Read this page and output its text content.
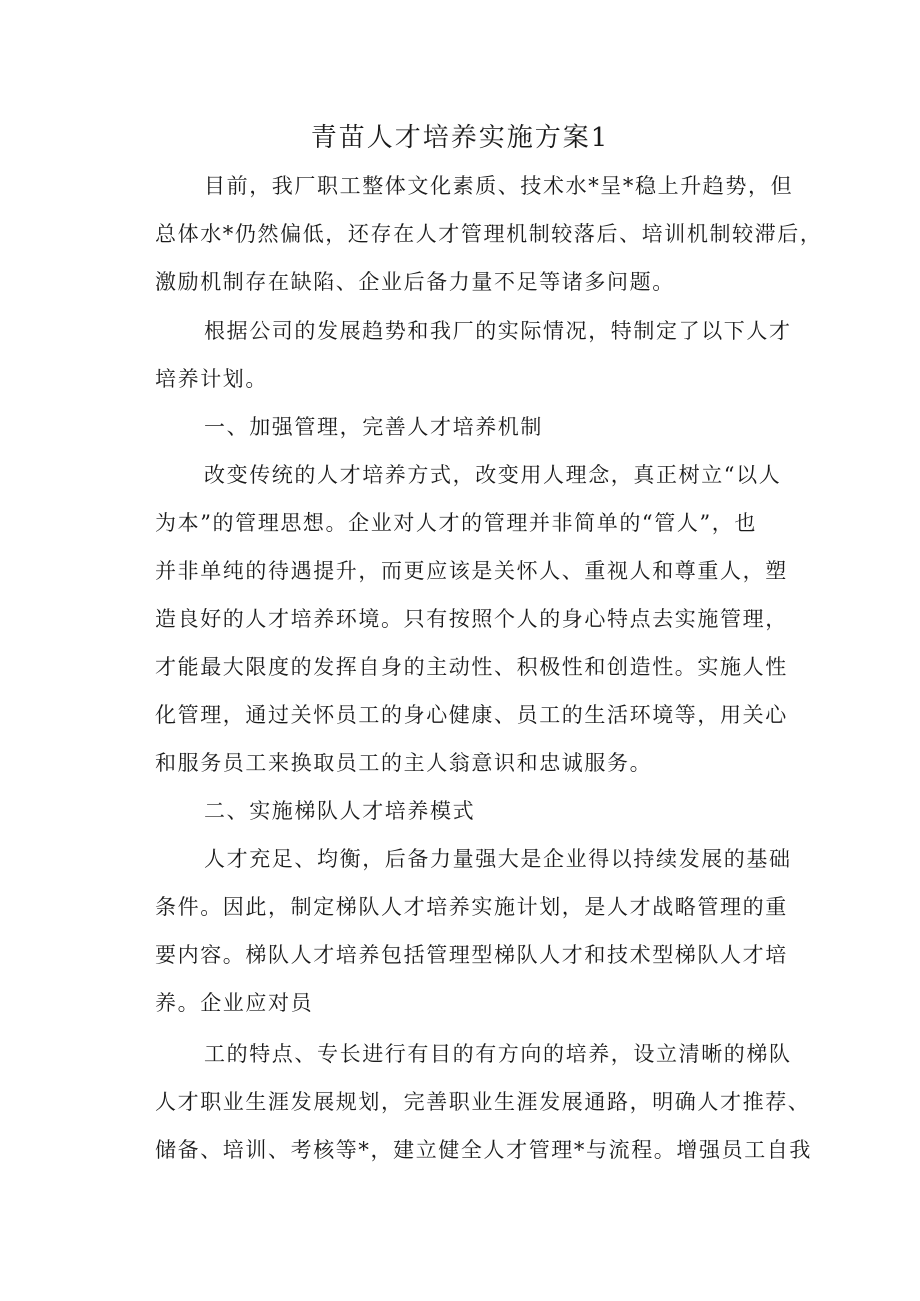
青苗人才培养实施方案1
目前，我厂职工整体文化素质、技术水*呈*稳上升趋势，但
总体水*仍然偏低，还存在人才管理机制较落后、培训机制较滞后，
激励机制存在缺陷、企业后备力量不足等诸多问题。
根据公司的发展趋势和我厂的实际情况，特制定了以下人才
培养计划。
一、加强管理，完善人才培养机制
改变传统的人才培养方式，改变用人理念，真正树立“以人
为本”的管理思想。企业对人才的管理并非简单的“管人”，也
并非单纯的待遇提升，而更应该是关怀人、重视人和尊重人，塑
造良好的人才培养环境。只有按照个人的身心特点去实施管理，
才能最大限度的发挥自身的主动性、积极性和创造性。实施人性
化管理，通过关怀员工的身心健康、员工的生活环境等，用关心
和服务员工来换取员工的主人翁意识和忠诚服务。
二、实施梯队人才培养模式
人才充足、均衡，后备力量强大是企业得以持续发展的基础
条件。因此，制定梯队人才培养实施计划，是人才战略管理的重
要内容。梯队人才培养包括管理型梯队人才和技术型梯队人才培
养。企业应对员
工的特点、专长进行有目的有方向的培养，设立清晰的梯队
人才职业生涯发展规划，完善职业生涯发展通路，明确人才推荐、
储备、培训、考核等*，建立健全人才管理*与流程。增强员工自我
